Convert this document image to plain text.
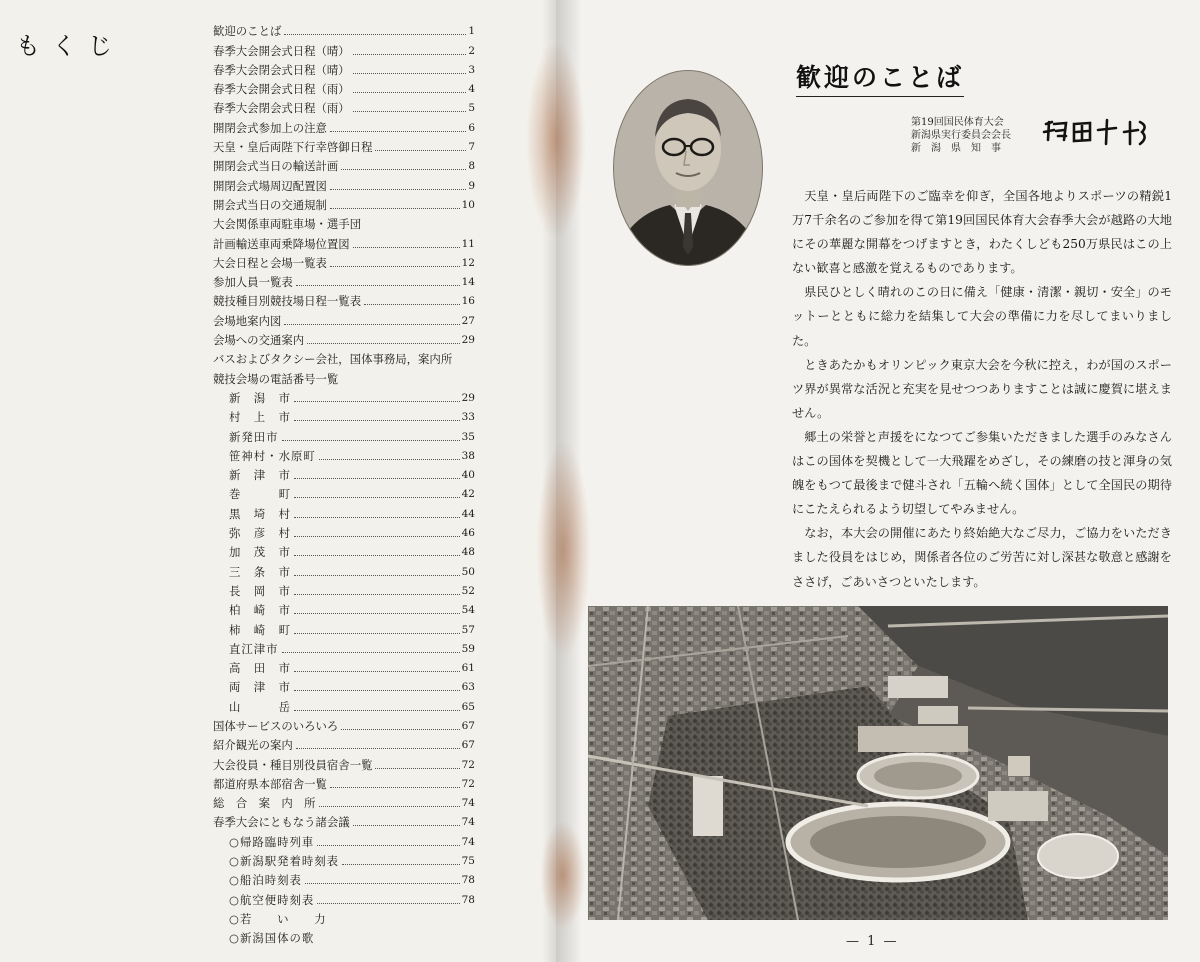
もくじ
歓迎のことば	1
春季大会開会式日程（晴）	2
春季大会閉会式日程（晴）	3
春季大会開会式日程（雨）	4
春季大会閉会式日程（雨）	5
開閉会式参加上の注意	6
天皇・皇后両陛下行幸啓御日程	7
開閉会式当日の輸送計画	8
開閉会式場周辺配置図	9
開会式当日の交通規制	10
大会関係車両駐車場・選手団
計画輸送車両乗降場位置図	11
大会日程と会場一覧表	12
参加人員一覧表	14
競技種目別競技場日程一覧表	16
会場地案内図	27
会場への交通案内	29
バスおよびタクシー会社，国体事務局，案内所
競技会場の電話番号一覧
新　潟　市	29
村　上　市	33
新発田市	35
笹神村・水原町	38
新　津　市	40
巻　　　町	42
黒　埼　村	44
弥　彦　村	46
加　茂　市	48
三　条　市	50
長　岡　市	52
柏　崎　市	54
柿　崎　町	57
直江津市	59
高　田　市	61
両　津　市	63
山　　　岳	65
国体サービスのいろいろ	67
紹介観光の案内	67
大会役員・種目別役員宿舎一覧	72
都道府県本部宿舎一覧	72
総　合　案　内　所	74
春季大会にともなう諸会議	74
○帰路臨時列車	74
○新潟駅発着時刻表	75
○船泊時刻表	78
○航空便時刻表	78
○若　　い　　力
○新潟国体の歌

歓迎のことば
第19回国民体育大会
新潟県実行委員会会長
新　潟　県　知　事

天皇・皇后両陛下のご臨幸を仰ぎ，全国各地よりスポーツの精鋭1万7千余名のご参加を得て第19回国民体育大会春季大会が越路の大地にその華麗な開幕をつげますとき，わたくしども250万県民はこの上ない歓喜と感激を覚えるものであります。

県民ひとしく晴れのこの日に備え「健康・清潔・親切・安全」のモットーとともに総力を結集して大会の準備に力を尽してまいりました。

ときあたかもオリンピック東京大会を今秋に控え，わが国のスポーツ界が異常な活況と充実を見せつつありますことは誠に慶賀に堪えません。

郷土の栄誉と声援をになつてご参集いただきました選手のみなさんはこの国体を契機として一大飛躍をめざし，その練磨の技と渾身の気魄をもつて最後まで健斗され「五輪へ続く国体」として全国民の期待にこたえられるよう切望してやみません。

なお，本大会の開催にあたり終始絶大なご尽力，ご協力をいただきました役員をはじめ，関係者各位のご労苦に対し深甚な敬意と感謝をささげ，ごあいさつといたします。

— 1 —
